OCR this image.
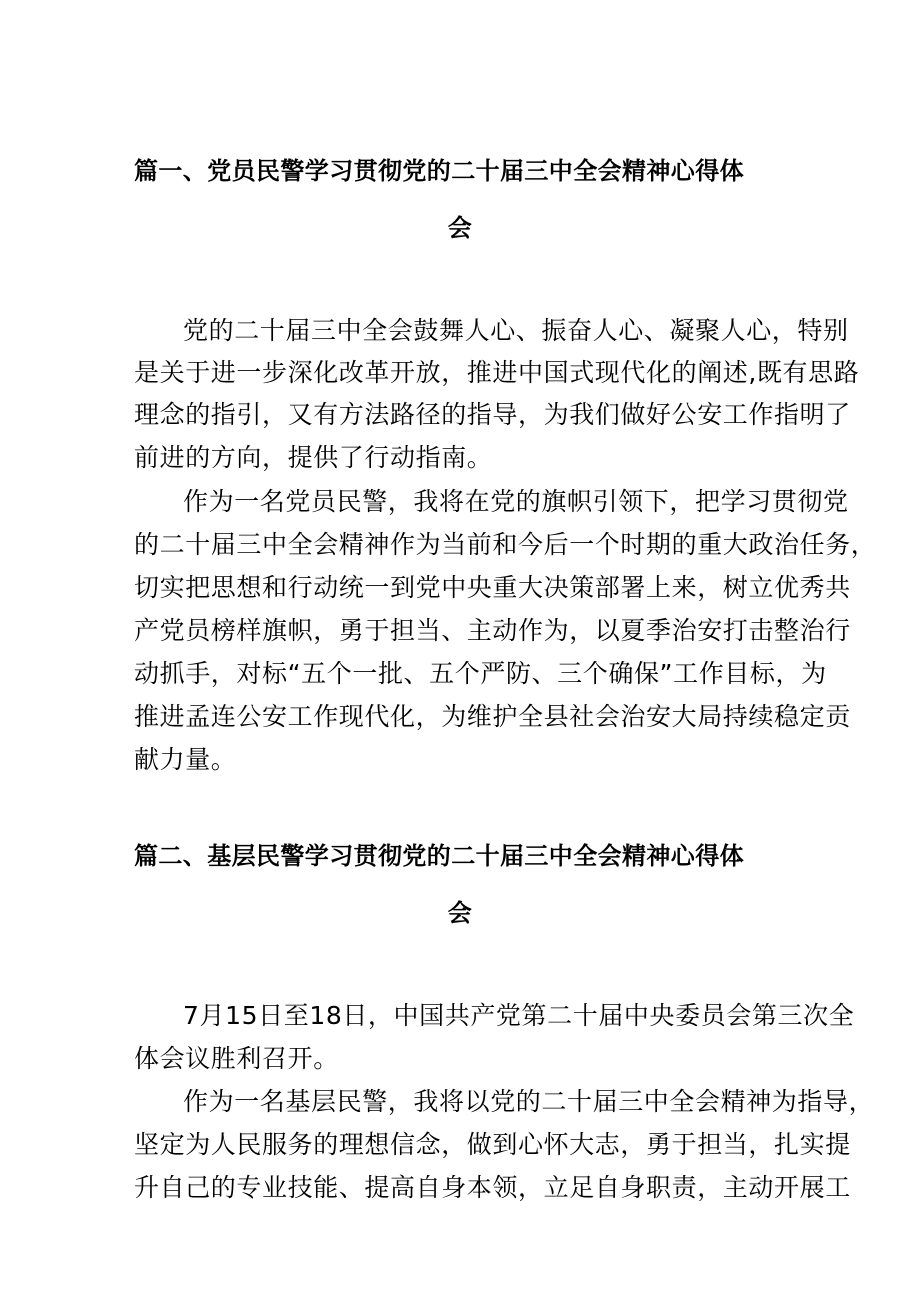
篇一、党员民警学习贯彻党的二十届三中全会精神心得体
会
党的二十届三中全会鼓舞人心、振奋人心、凝聚人心，特别
是关于进一步深化改革开放，推进中国式现代化的阐述,既有思路
理念的指引，又有方法路径的指导，为我们做好公安工作指明了
前进的方向，提供了行动指南。
作为一名党员民警，我将在党的旗帜引领下，把学习贯彻党
的二十届三中全会精神作为当前和今后一个时期的重大政治任务，
切实把思想和行动统一到党中央重大决策部署上来，树立优秀共
产党员榜样旗帜，勇于担当、主动作为，以夏季治安打击整治行
动抓手，对标“五个一批、五个严防、三个确保”工作目标，为
推进孟连公安工作现代化，为维护全县社会治安大局持续稳定贡
献力量。
篇二、基层民警学习贯彻党的二十届三中全会精神心得体
会
7月15日至18日，中国共产党第二十届中央委员会第三次全
体会议胜利召开。
作为一名基层民警，我将以党的二十届三中全会精神为指导，
坚定为人民服务的理想信念，做到心怀大志，勇于担当，扎实提
升自己的专业技能、提高自身本领，立足自身职责，主动开展工
